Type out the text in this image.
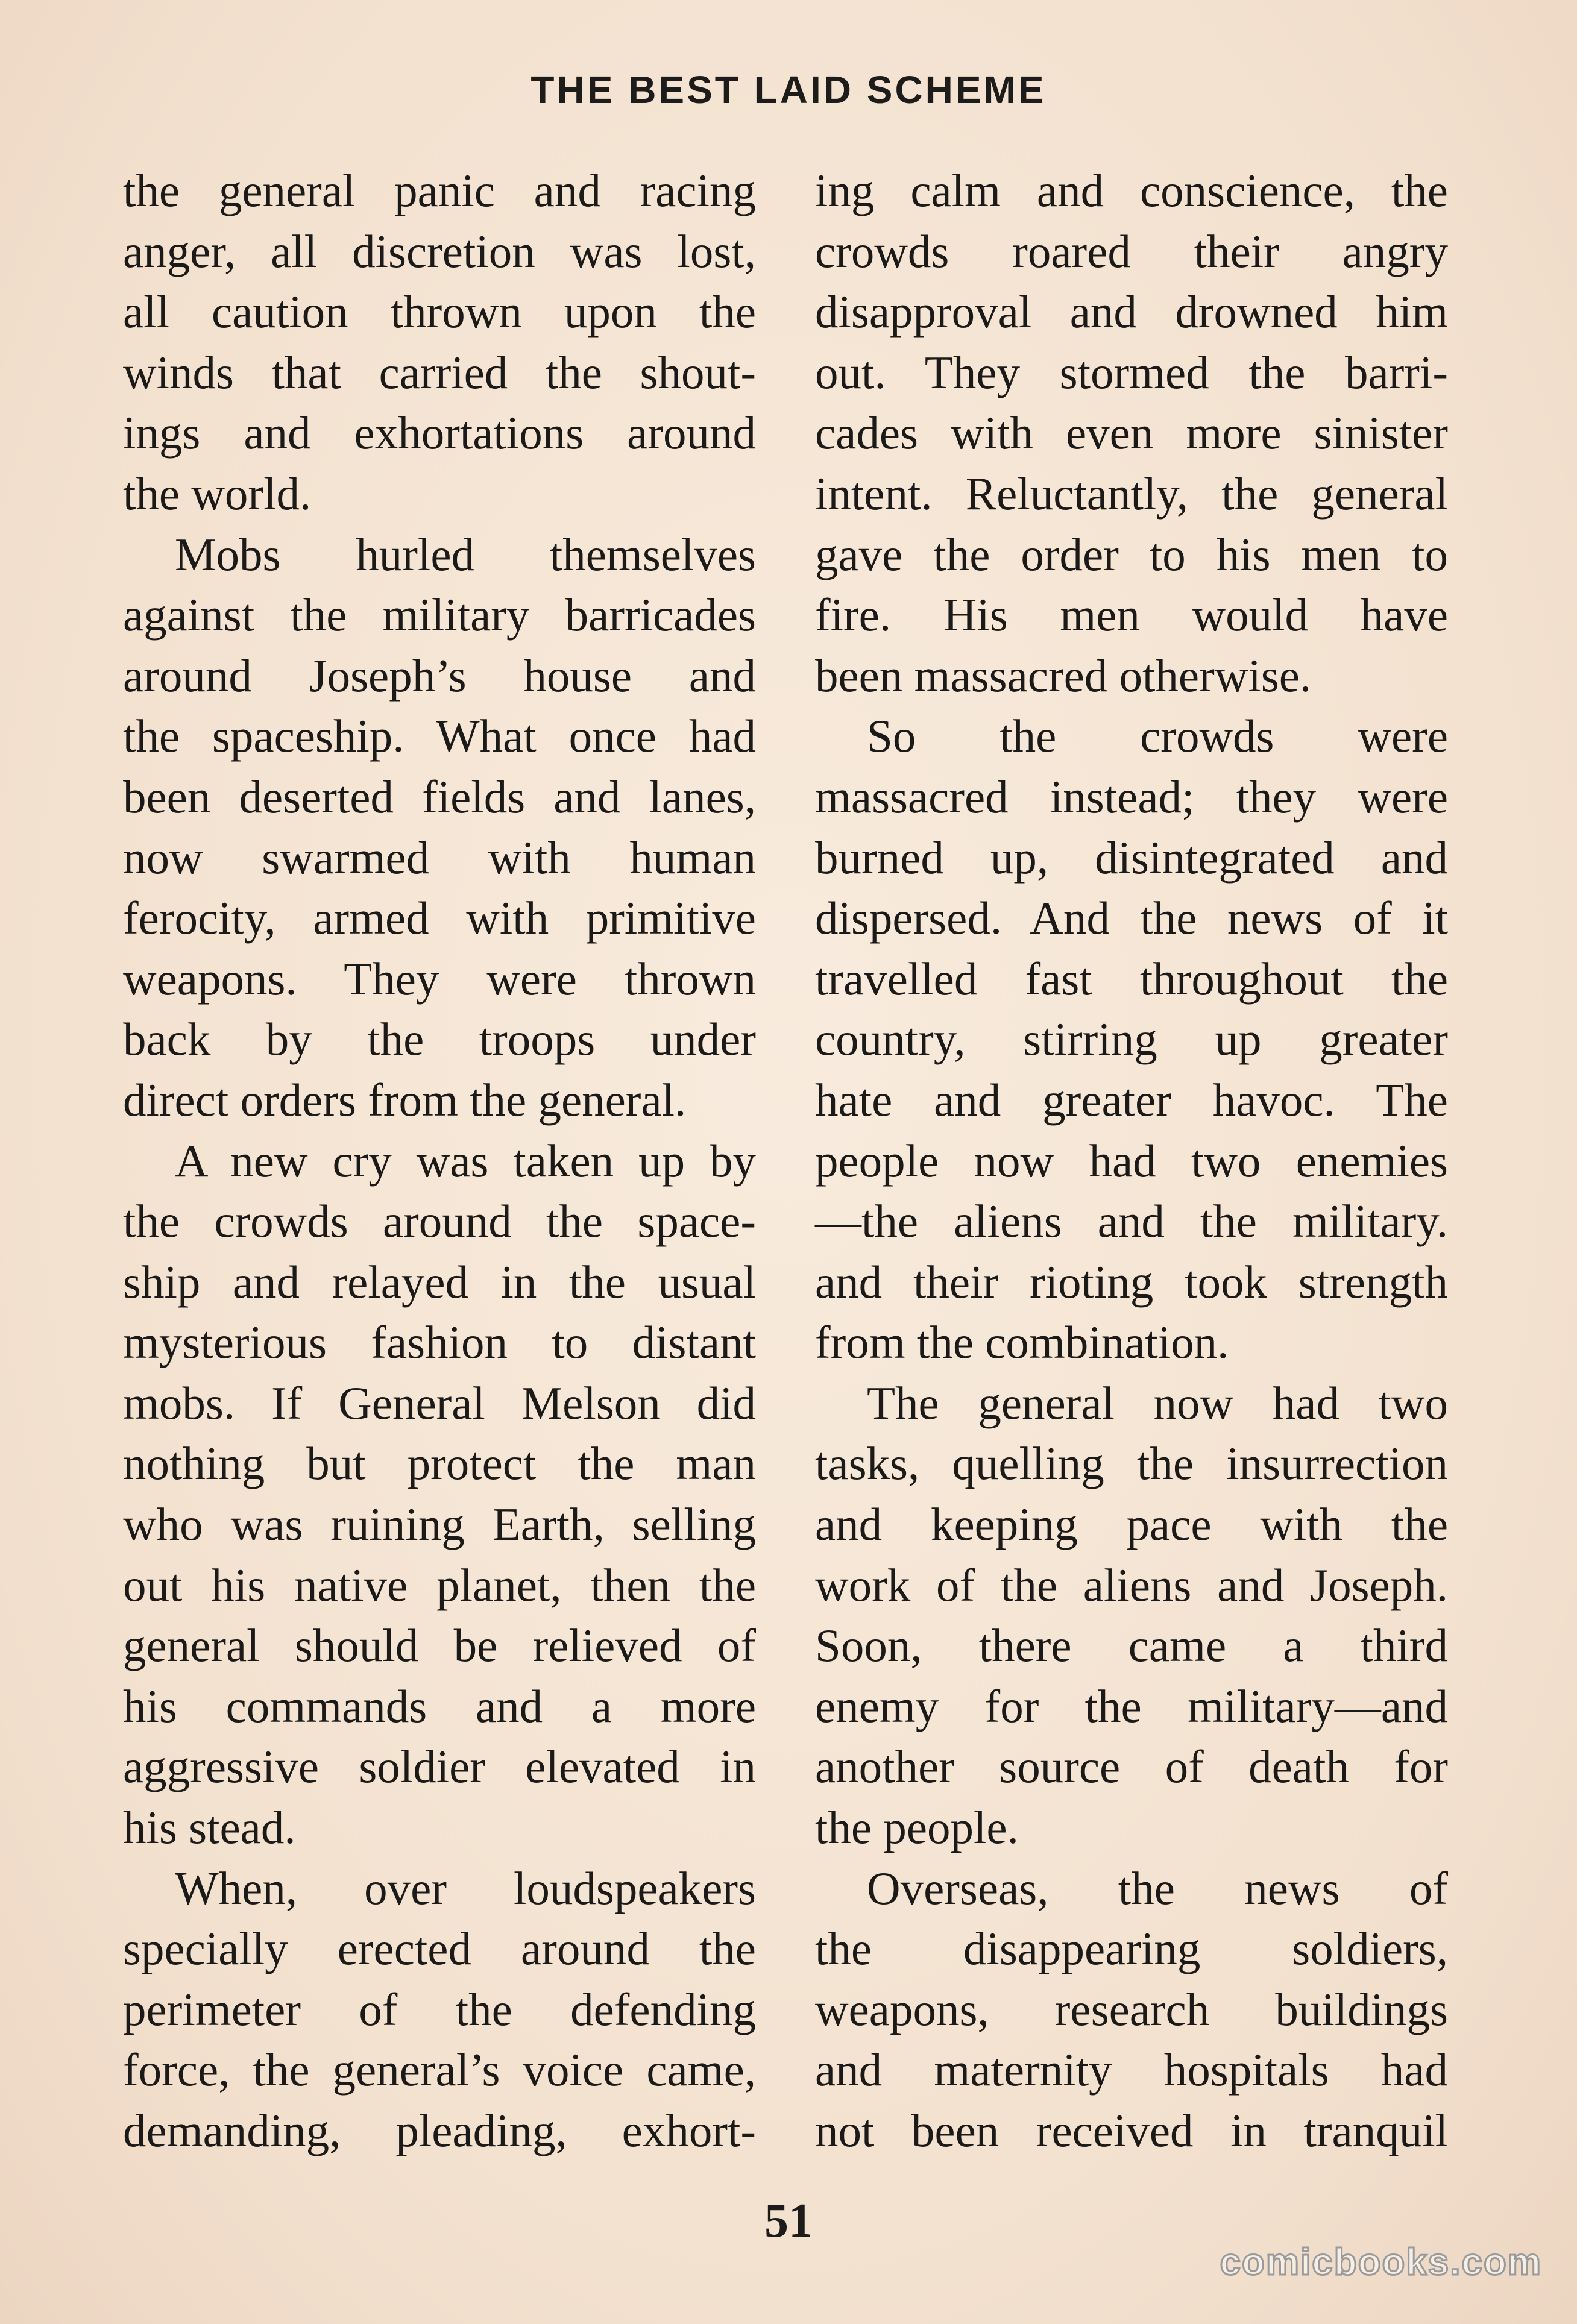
THE BEST LAID SCHEME
the general panic and racing
anger, all discretion was lost,
all caution thrown upon the
winds that carried the shout-
ings and exhortations around
the world.
Mobs hurled themselves
against the military barricades
around Joseph’s house and
the spaceship. What once had
been deserted fields and lanes,
now swarmed with human
ferocity, armed with primitive
weapons. They were thrown
back by the troops under
direct orders from the general.
A new cry was taken up by
the crowds around the space-
ship and relayed in the usual
mysterious fashion to distant
mobs. If General Melson did
nothing but protect the man
who was ruining Earth, selling
out his native planet, then the
general should be relieved of
his commands and a more
aggressive soldier elevated in
his stead.
When, over loudspeakers
specially erected around the
perimeter of the defending
force, the general’s voice came,
demanding, pleading, exhort-
ing calm and conscience, the
crowds roared their angry
disapproval and drowned him
out. They stormed the barri-
cades with even more sinister
intent. Reluctantly, the general
gave the order to his men to
fire. His men would have
been massacred otherwise.
So the crowds were
massacred instead; they were
burned up, disintegrated and
dispersed. And the news of it
travelled fast throughout the
country, stirring up greater
hate and greater havoc. The
people now had two enemies
—the aliens and the military.
and their rioting took strength
from the combination.
The general now had two
tasks, quelling the insurrection
and keeping pace with the
work of the aliens and Joseph.
Soon, there came a third
enemy for the military—and
another source of death for
the people.
Overseas, the news of
the disappearing soldiers,
weapons, research buildings
and maternity hospitals had
not been received in tranquil
51
comicbooks.com
